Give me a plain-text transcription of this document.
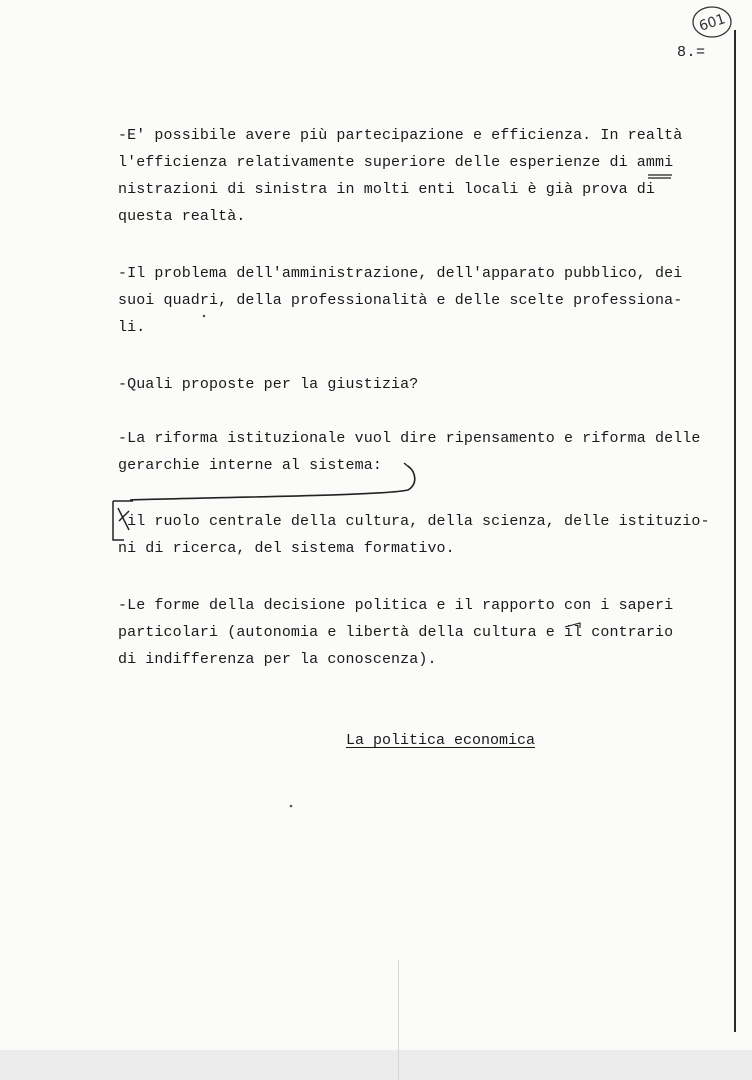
601
8.=
-E' possibile avere più partecipazione e efficienza. In realtà
l'efficienza relativamente superiore delle esperienze di ammi
nistrazioni di sinistra in molti enti locali è già prova di
questa realtà.
-Il problema dell'amministrazione, dell'apparato pubblico, dei
suoi quadri, della professionalità e delle scelte professiona-
li.
-Quali proposte per la giustizia?
-La riforma istituzionale vuol dire ripensamento e riforma delle
gerarchie interne al sistema:
il ruolo centrale della cultura, della scienza, delle istituzio-
ni di ricerca, del sistema formativo.
-Le forme della decisione politica e il rapporto con i saperi
particolari (autonomia e libertà della cultura e il contrario
di indifferenza per la conoscenza).
La politica economica
